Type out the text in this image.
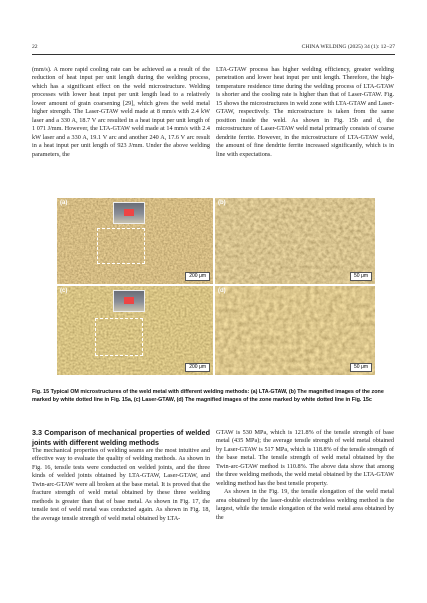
22	CHINA WELDING (2025) 34 (1): 12−27

(mm/s). A more rapid cooling rate can be achieved as a result of the reduction of heat input per unit length during the welding process, which has a significant effect on the weld microstructure. Welding processes with lower heat input per unit length lead to a relatively lower amount of grain coarsening [29], which gives the weld metal higher strength. The Laser-GTAW weld made at 8 mm/s with 2.4 kW laser and a 330 A, 18.7 V arc resulted in a heat input per unit length of 1 071 J/mm. However, the LTA-GTAW weld made at 14 mm/s with 2.4 kW laser and a 330 A, 19.1 V arc and another 240 A, 17.6 V arc result in a heat input per unit length of 923 J/mm. Under the above welding parameters, the

LTA-GTAW process has higher welding efficiency, greater welding penetration and lower heat input per unit length. Therefore, the high-temperature residence time during the welding process of LTA-GTAW is shorter and the cooling rate is higher than that of Laser-GTAW. Fig. 15 shows the microstructures in weld zone with LTA-GTAW and Laser-GTAW, respectively. The microstructure is taken from the same position inside the weld. As shown in Fig. 15b and d, the microstructure of Laser-GTAW weld metal primarily consists of coarse dendrite ferrite. However, in the microstructure of LTA-GTAW weld, the amount of fine dendrite ferrite increased significantly, which is in line with expectations.

(a)
200 μm
(b)
50 μm
(c)
200 μm
(d)
50 μm
Fig. 15 Typical OM microstructures of the weld metal with different welding methods: (a) LTA-GTAW, (b) The magnified images of the zone marked by white dotted line in Fig. 15a, (c) Laser-GTAW, (d) The magnified images of the zone marked by white dotted line in Fig. 15c

3.3 Comparison of mechanical properties of welded joints with different welding methods

The mechanical properties of welding seams are the most intuitive and effective way to evaluate the quality of welding methods. As shown in Fig. 16, tensile tests were conducted on welded joints, and the three kinds of welded joints obtained by LTA-GTAW, Laser-GTAW, and Twin-arc-GTAW were all broken at the base metal. It is proved that the fracture strength of weld metal obtained by these three welding methods is greater than that of base metal. As shown in Fig. 17, the tensile test of weld metal was conducted again. As shown in Fig. 18, the average tensile strength of weld metal obtained by LTA-

GTAW is 530 MPa, which is 121.8% of the tensile strength of base metal (435 MPa); the average tensile strength of weld metal obtained by Laser-GTAW is 517 MPa, which is 118.8% of the tensile strength of the base metal. The tensile strength of weld metal obtained by the Twin-arc-GTAW method is 110.8%. The above data show that among the three welding methods, the weld metal obtained by the LTA-GTAW welding method has the best tensile property.

As shown in the Fig. 19, the tensile elongation of the weld metal area obtained by the laser-double electrodeless welding method is the largest, while the tensile elongation of the weld metal area obtained by the
